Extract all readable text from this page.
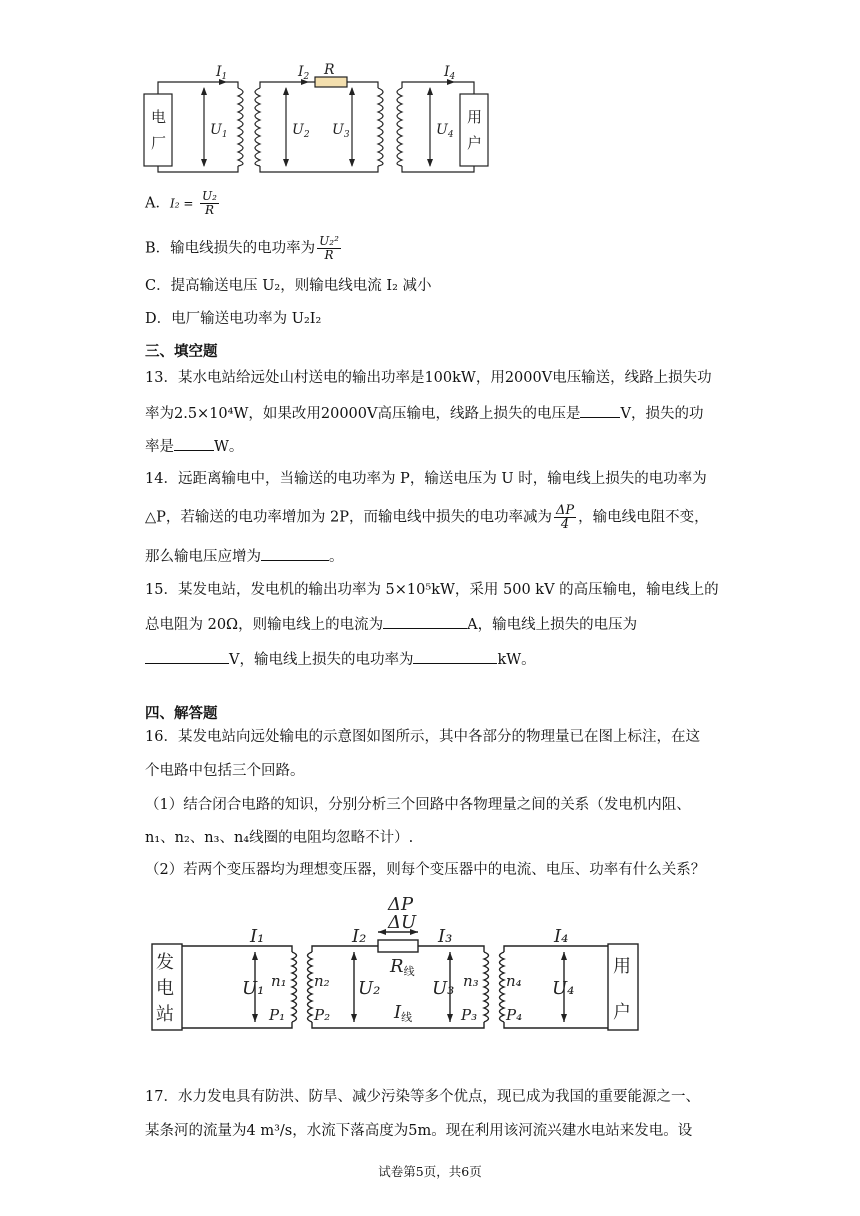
电	用
厂	户
$I_1$	$I_2$ R	$I_4$
$U_1$	$U_2$ $U_3$	$U_4$
A．$I_2 = \frac{\text{U₂}}{R}$
B．输电线损失的电功率为 $\frac{\text{U₂²}}{R}$
C．提高输送电压 U₂，则输电线电流 I₂ 减小
D．电厂输送电功率为 U₂I₂
三、填空题
13．某水电站给远处山村送电的输出功率是100kW，用2000V电压输送，线路上损失功
率为2.5×10⁴W，如果改用20000V高压输电，线路上损失的电压是	V，损失的功
率是	W。
14．远距离输电中，当输送的电功率为 P，输送电压为 U 时，输电线上损失的电功率为
△P，若输送的电功率增加为 2P，而输电线中损失的电功率减为 $\frac{\Delta P}{4}$ ，输电线电阻不变，
那么输电压应增为	。
15．某发电站，发电机的输出功率为 5×10⁵kW，采用 500 kV 的高压输电，输电线上的
总电阻为 20Ω，则输电线上的电流为	A，输电线上损失的电压为
V，输电线上损失的电功率为	kW。
四、解答题
16．某发电站向远处输电的示意图如图所示，其中各部分的物理量已在图上标注，在这
个电路中包括三个回路。
（1）结合闭合电路的知识，分别分析三个回路中各物理量之间的关系（发电机内阻、
n₁、n₂、n₃、n₄线圈的电阻均忽略不计）.
（2）若两个变压器均为理想变压器，则每个变压器中的电流、电压、功率有什么关系？
发
电
站
用
户
ΔP
ΔU
I₁	I₂	I₃	I₄
R线
I线
U₁	U₂	U₃	U₄
n₁ n₂	n₃ n₄
P₁ P₂	P₃ P₄
17．水力发电具有防洪、防旱、减少污染等多个优点，现已成为我国的重要能源之一、
某条河的流量为4 m³/s，水流下落高度为5m。现在利用该河流兴建水电站来发电。设
试卷第5页，共6页
